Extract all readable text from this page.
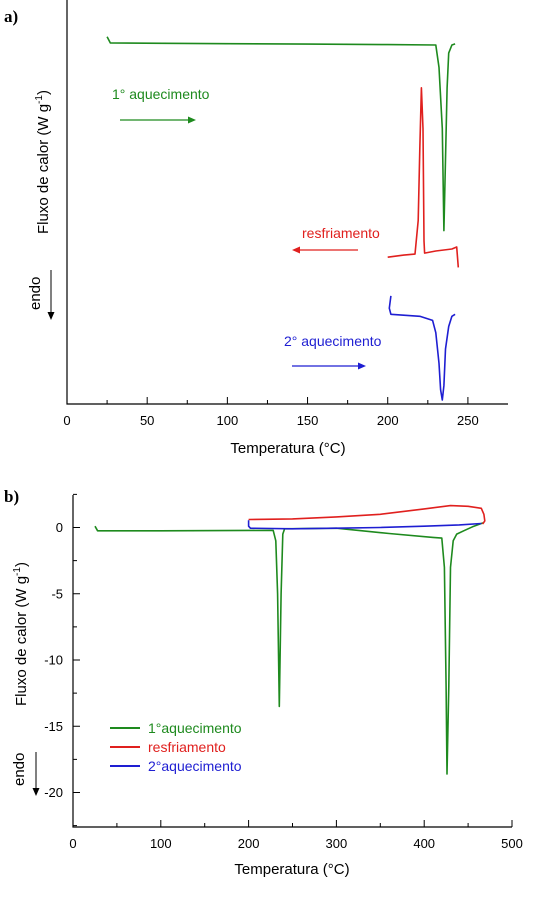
a)
0	50	100	150	200	250
Temperatura (°C)
Fluxo de calor (W $g^{-1}$)
endo
1° aquecimento
resfriamento
2° aquecimento
b)
0	100	200	300	400	500
0
-5
-10
-15
-20
Temperatura (°C)
Fluxo de calor (W $g^{-1}$)
endo
1°aquecimento
resfriamento
2°aquecimento
